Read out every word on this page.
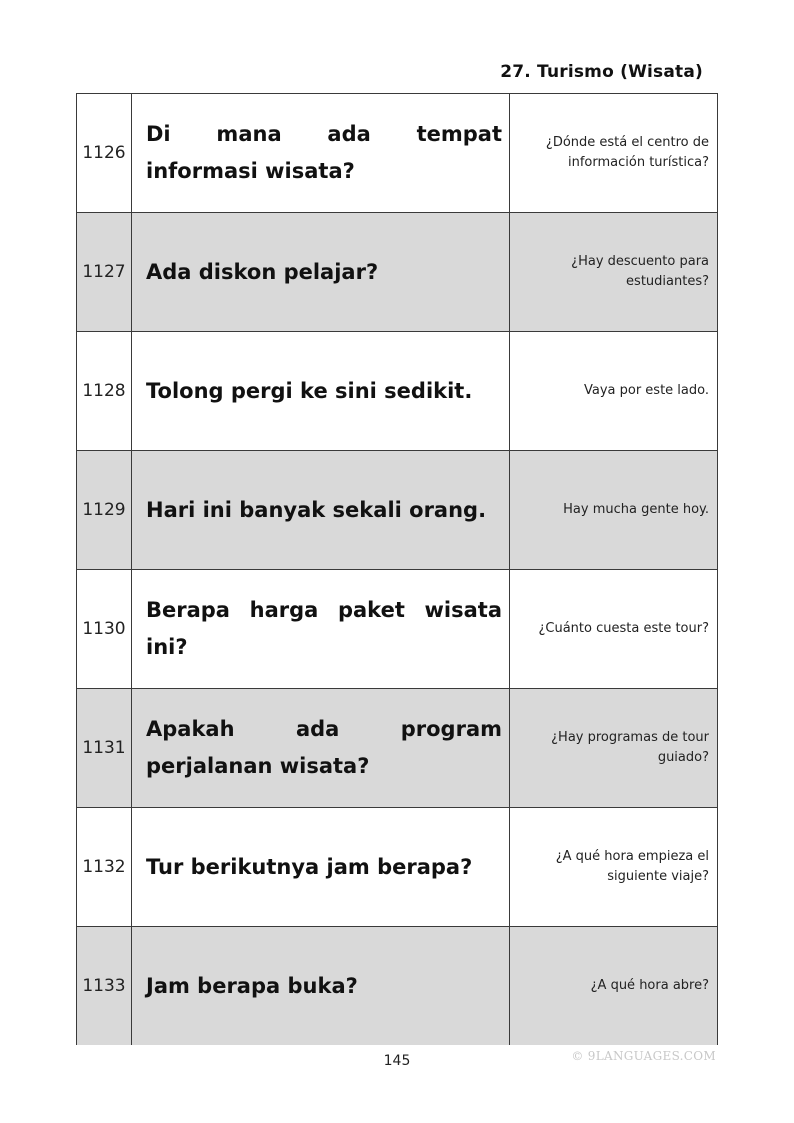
27. Turismo (Wisata)
1126	Di mana ada tempat informasi wisata?	¿Dónde está el centro de información turística?
1127	Ada diskon pelajar?	¿Hay descuento para estudiantes?
1128	Tolong pergi ke sini sedikit.	Vaya por este lado.
1129	Hari ini banyak sekali orang.	Hay mucha gente hoy.
1130	Berapa harga paket wisata ini?	¿Cuánto cuesta este tour?
1131	Apakah ada program perjalanan wisata?	¿Hay programas de tour guiado?
1132	Tur berikutnya jam berapa?	¿A qué hora empieza el siguiente viaje?
1133	Jam berapa buka?	¿A qué hora abre?
145	© 9LANGUAGES.COM
